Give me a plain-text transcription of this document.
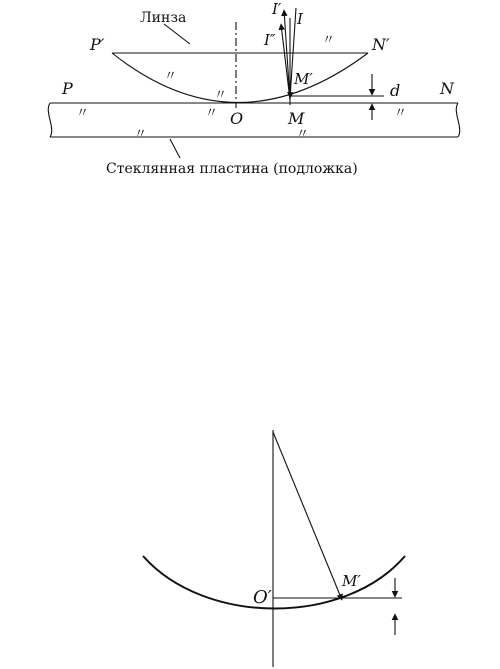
〃
〃
〃
〃	〃	〃
〃	〃
Линза
P′	N′
P	N
O	M
M′
d
I
I′
I″
Стеклянная пластина (подложка)
O′
M′
